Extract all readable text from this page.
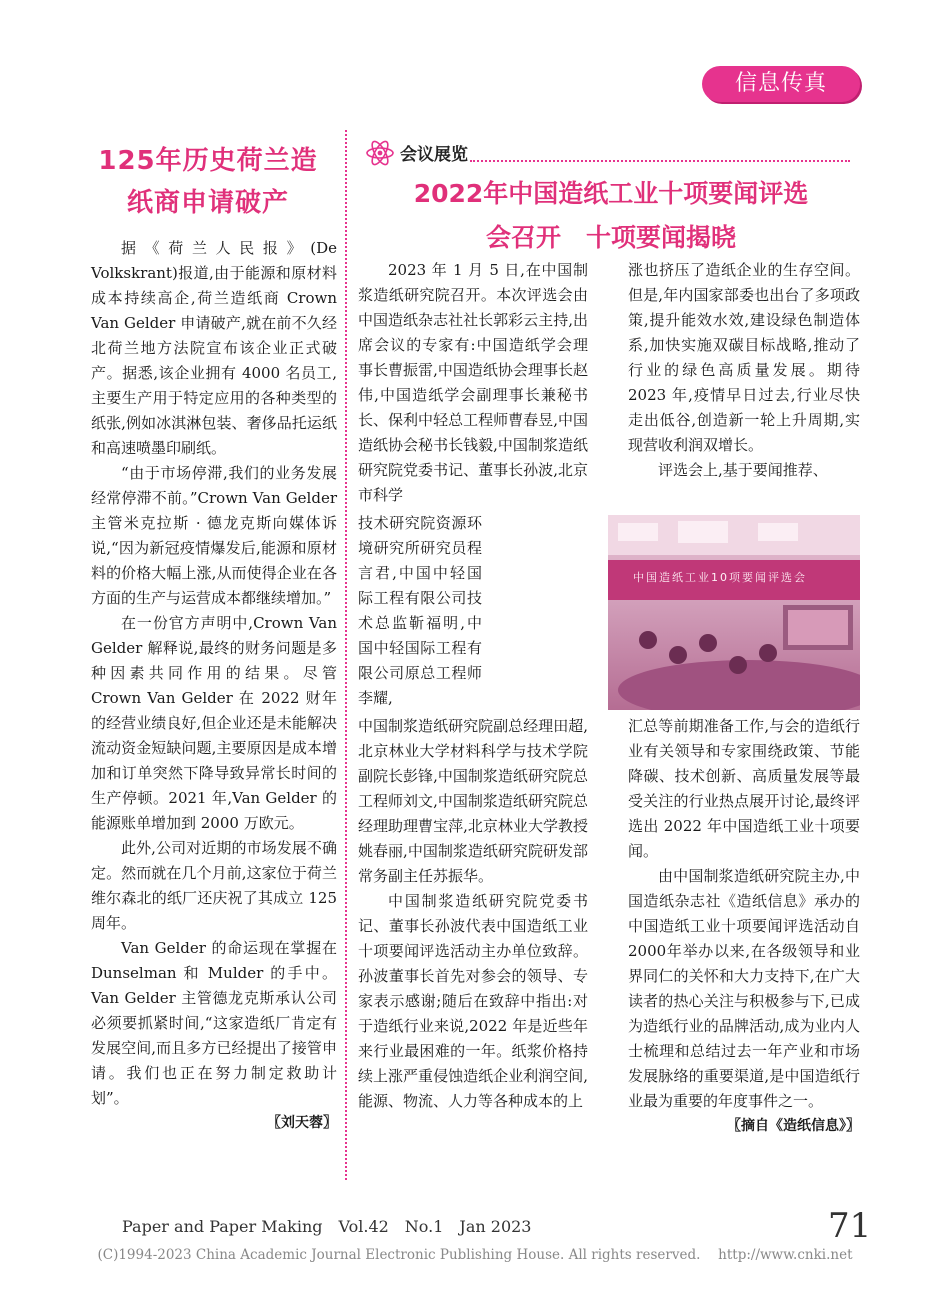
信息传真
125年历史荷兰造
纸商申请破产

据《荷兰人民报》(De Volkskrant)报道,由于能源和原材料成本持续高企,荷兰造纸商 Crown Van Gelder 申请破产,就在前不久经北荷兰地方法院宣布该企业正式破产。据悉,该企业拥有 4000 名员工,主要生产用于特定应用的各种类型的纸张,例如冰淇淋包装、奢侈品托运纸和高速喷墨印刷纸。

“由于市场停滞,我们的业务发展经常停滞不前。”Crown Van Gelder 主管米克拉斯 · 德龙克斯向媒体诉说,“因为新冠疫情爆发后,能源和原材料的价格大幅上涨,从而使得企业在各方面的生产与运营成本都继续增加。”

在一份官方声明中,Crown Van Gelder 解释说,最终的财务问题是多种因素共同作用的结果。尽管 Crown Van Gelder 在 2022 财年的经营业绩良好,但企业还是未能解决流动资金短缺问题,主要原因是成本增加和订单突然下降导致异常长时间的生产停顿。2021 年,Van Gelder 的能源账单增加到 2000 万欧元。

此外,公司对近期的市场发展不确定。然而就在几个月前,这家位于荷兰维尔森北的纸厂还庆祝了其成立 125 周年。

Van Gelder 的命运现在掌握在 Dunselman 和 Mulder 的手中。Van Gelder 主管德龙克斯承认公司必须要抓紧时间,“这家造纸厂肯定有发展空间,而且多方已经提出了接管申请。我们也正在努力制定救助计划”。

〖刘天蓉〗
会议展览
2022年中国造纸工业十项要闻评选
会召开　十项要闻揭晓

2023 年 1 月 5 日,在中国制浆造纸研究院召开。本次评选会由中国造纸杂志社社长郭彩云主持,出席会议的专家有:中国造纸学会理事长曹振雷,中国造纸协会理事长赵伟,中国造纸学会副理事长兼秘书长、保利中轻总工程师曹春昱,中国造纸协会秘书长钱毅,中国制浆造纸研究院党委书记、董事长孙波,北京市科学

技术研究院资源环境研究所研究员程言君,中国中轻国际工程有限公司技术总监靳福明,中国中轻国际工程有限公司原总工程师李耀,

中国制浆造纸研究院副总经理田超,北京林业大学材料科学与技术学院副院长彭锋,中国制浆造纸研究院总工程师刘文,中国制浆造纸研究院总经理助理曹宝萍,北京林业大学教授姚春丽,中国制浆造纸研究院研发部常务副主任苏振华。

中国制浆造纸研究院党委书记、董事长孙波代表中国造纸工业十项要闻评选活动主办单位致辞。孙波董事长首先对参会的领导、专家表示感谢;随后在致辞中指出:对于造纸行业来说,2022 年是近些年来行业最困难的一年。纸浆价格持续上涨严重侵蚀造纸企业利润空间,能源、物流、人力等各种成本的上

涨也挤压了造纸企业的生存空间。但是,年内国家部委也出台了多项政策,提升能效水效,建设绿色制造体系,加快实施双碳目标战略,推动了行业的绿色高质量发展。期待 2023 年,疫情早日过去,行业尽快走出低谷,创造新一轮上升周期,实现营收利润双增长。

评选会上,基于要闻推荐、

中国造纸工业10项要闻评选会

汇总等前期准备工作,与会的造纸行业有关领导和专家围绕政策、节能降碳、技术创新、高质量发展等最受关注的行业热点展开讨论,最终评选出 2022 年中国造纸工业十项要闻。

由中国制浆造纸研究院主办,中国造纸杂志社《造纸信息》承办的中国造纸工业十项要闻评选活动自2000年举办以来,在各级领导和业界同仁的关怀和大力支持下,在广大读者的热心关注与积极参与下,已成为造纸行业的品牌活动,成为业内人士梳理和总结过去一年产业和市场发展脉络的重要渠道,是中国造纸行业最为重要的年度事件之一。

〖摘自《造纸信息》〗
Paper and Paper Making　Vol.42　No.1　Jan 2023	71
(C)1994-2023 China Academic Journal Electronic Publishing House. All rights reserved.　 http://www.cnki.net
